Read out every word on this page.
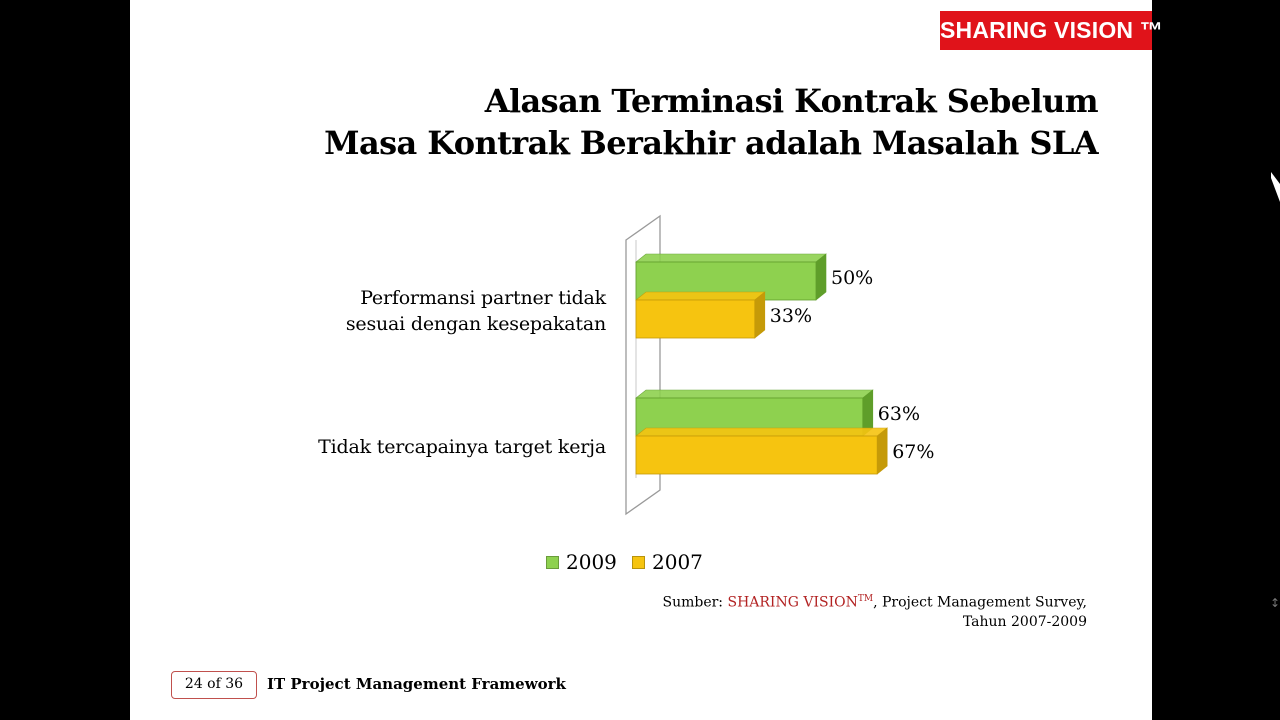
SHARING VISION ™
Alasan Terminasi Kontrak Sebelum
Masa Kontrak Berakhir adalah Masalah SLA
Performansi partner tidak
sesuai dengan kesepakatan
Tidak tercapainya target kerja
50%
33%
63%
67%
2009 2007
Sumber: SHARING VISION™, Project Management Survey,
Tahun 2007-2009
24 of 36	IT Project Management Framework
↕
